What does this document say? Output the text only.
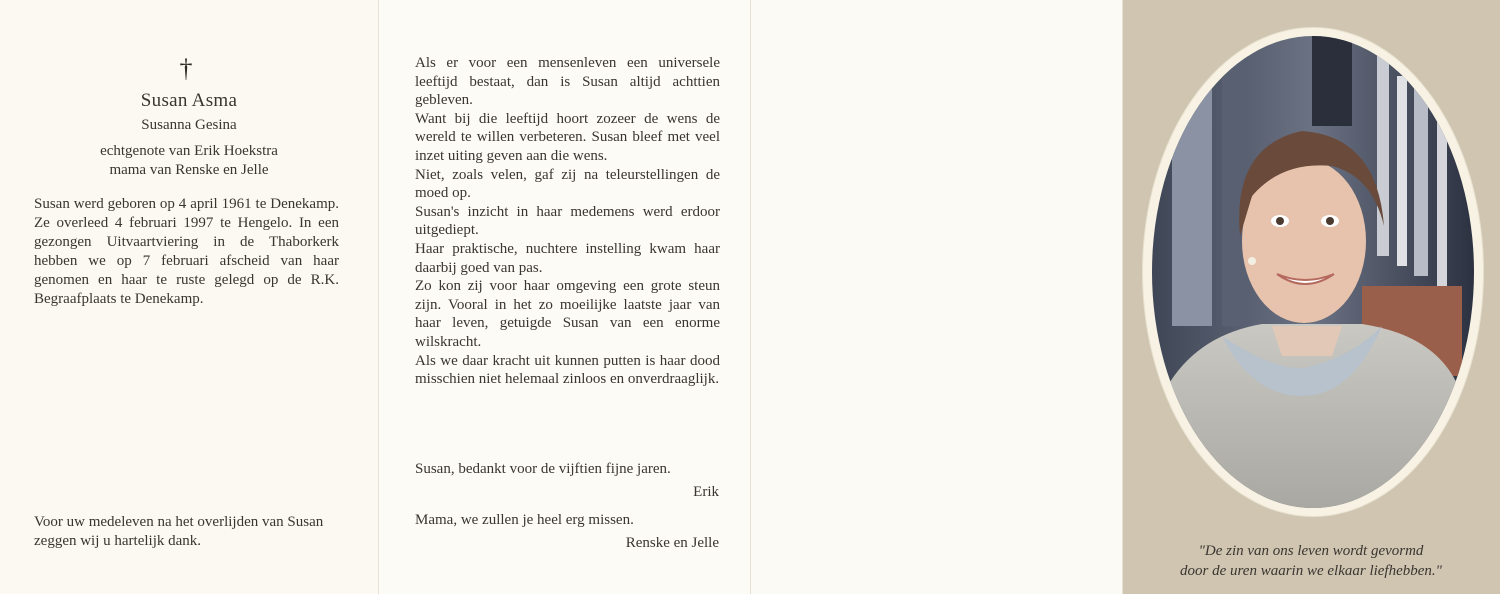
†
Susan Asma
Susanna Gesina
echtgenote van Erik Hoekstra
mama van Renske en Jelle
Susan werd geboren op 4 april 1961 te Denekamp. Ze overleed 4 februari 1997 te Hengelo. In een gezongen Uitvaartviering in de Thaborkerk hebben we op 7 februari afscheid van haar genomen en haar te ruste gelegd op de R.K. Begraafplaats te Denekamp.
Voor uw medeleven na het overlijden van Susan zeggen wij u hartelijk dank.

Als er voor een mensenleven een universele leeftijd bestaat, dan is Susan altijd achttien gebleven.

Want bij die leeftijd hoort zozeer de wens de wereld te willen verbeteren. Susan bleef met veel inzet uiting geven aan die wens.

Niet, zoals velen, gaf zij na teleurstellingen de moed op.

Susan's inzicht in haar medemens werd erdoor uitgediept.

Haar praktische, nuchtere instelling kwam haar daarbij goed van pas.

Zo kon zij voor haar omgeving een grote steun zijn. Vooral in het zo moeilijke laatste jaar van haar leven, getuigde Susan van een enorme wilskracht.

Als we daar kracht uit kunnen putten is haar dood misschien niet helemaal zinloos en onverdraaglijk.

Susan, bedankt voor de vijftien fijne jaren.
Erik
Mama, we zullen je heel erg missen.
Renske en Jelle	"De zin van ons leven wordt gevormd
door de uren waarin we elkaar liefhebben."
